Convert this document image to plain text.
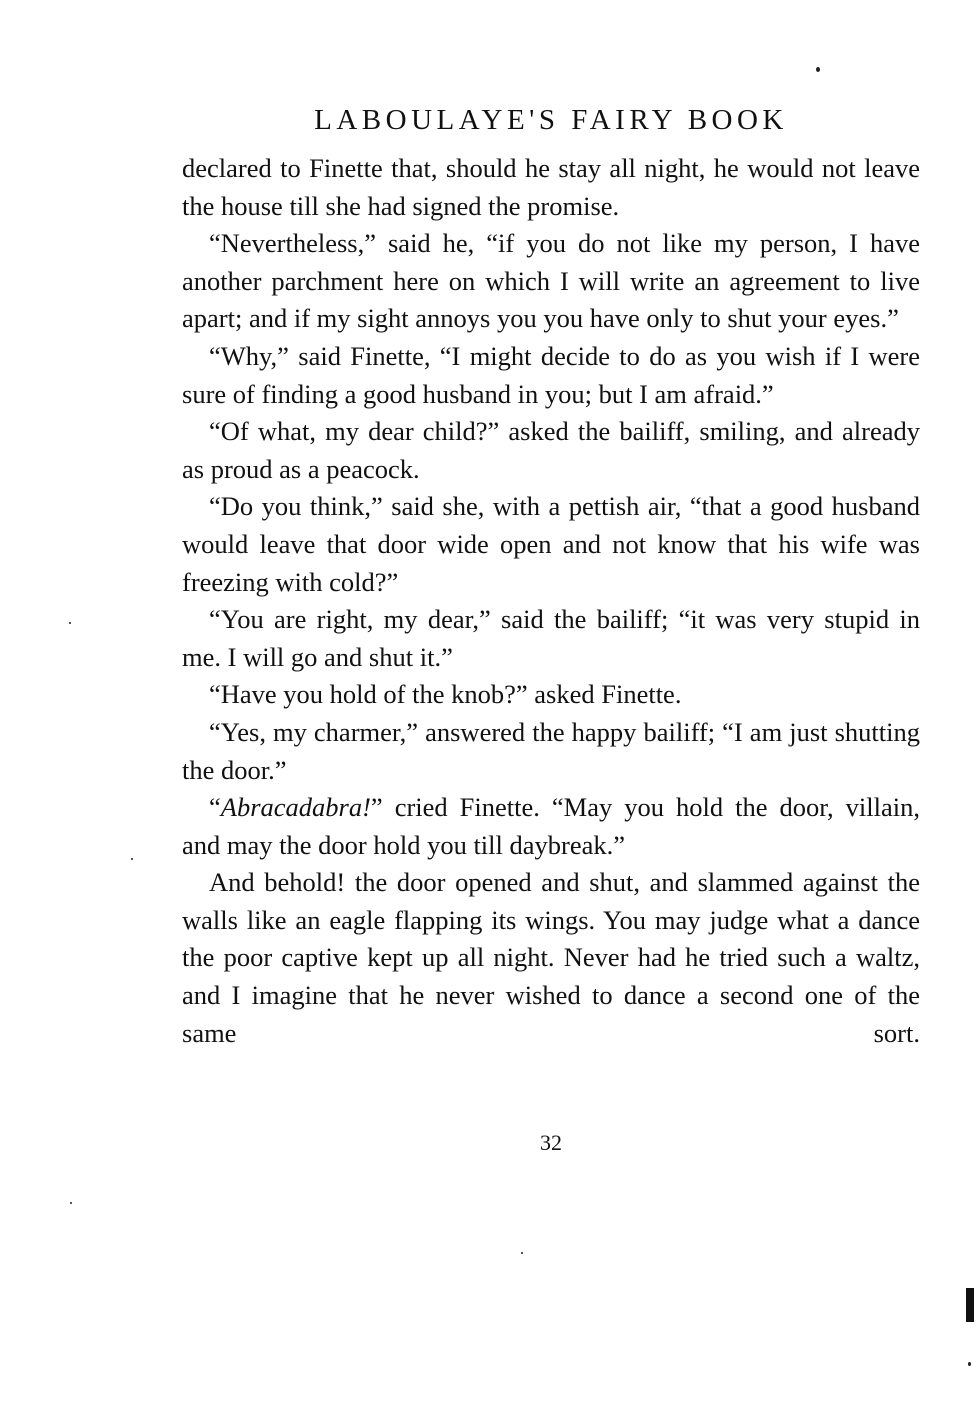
LABOULAYE'S FAIRY BOOK

declared to Finette that, should he stay all night, he would not leave the house till she had signed the promise.

“Nevertheless,” said he, “if you do not like my person, I have another parchment here on which I will write an agreement to live apart; and if my sight annoys you you have only to shut your eyes.”

“Why,” said Finette, “I might decide to do as you wish if I were sure of finding a good husband in you; but I am afraid.”

“Of what, my dear child?” asked the bailiff, smiling, and already as proud as a peacock.

“Do you think,” said she, with a pettish air, “that a good husband would leave that door wide open and not know that his wife was freezing with cold?”

“You are right, my dear,” said the bailiff; “it was very stupid in me. I will go and shut it.”

“Have you hold of the knob?” asked Finette.

“Yes, my charmer,” answered the happy bailiff; “I am just shutting the door.”

“Abracadabra!” cried Finette. “May you hold the door, villain, and may the door hold you till daybreak.”

And behold! the door opened and shut, and slammed against the walls like an eagle flapping its wings. You may judge what a dance the poor captive kept up all night. Never had he tried such a waltz, and I imagine that he never wished to dance a second one of the same sort.

32
